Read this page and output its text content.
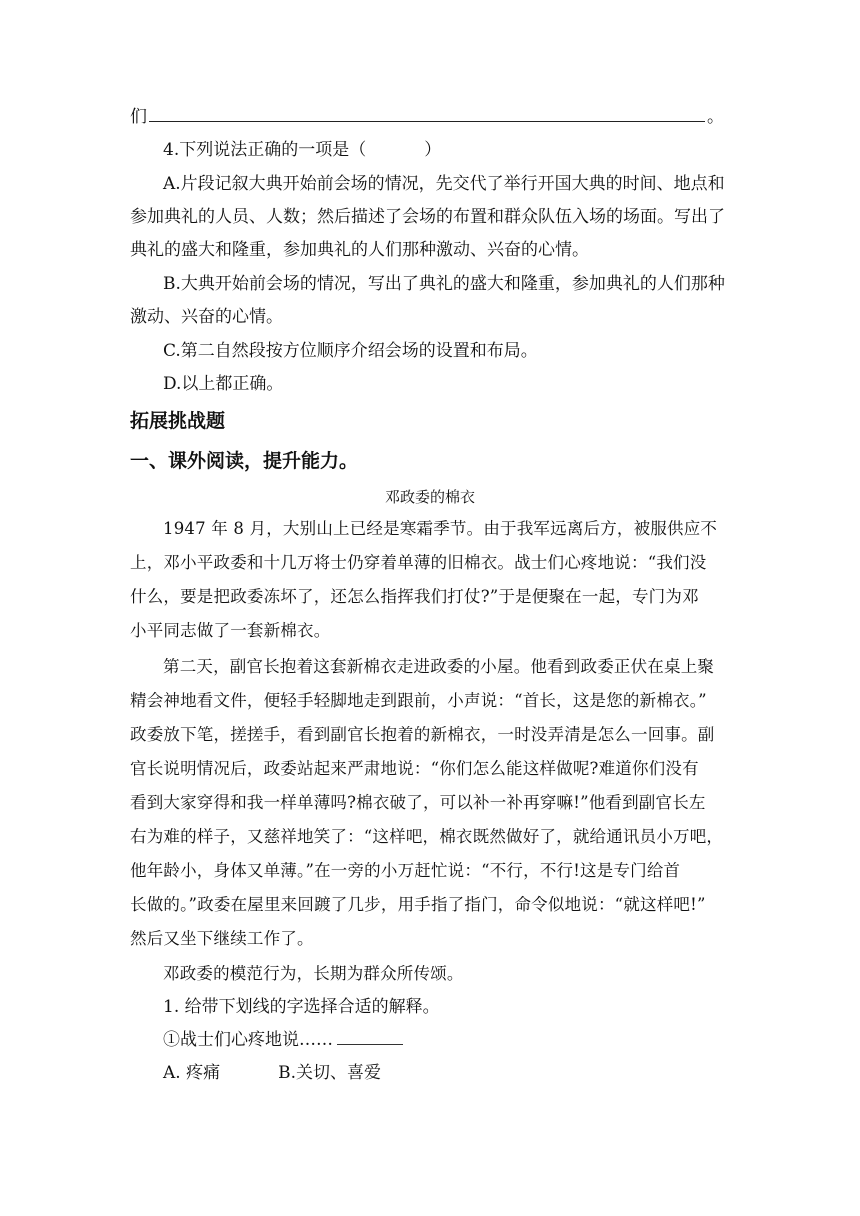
们	。
4.下列说法正确的一项是（	）
A.片段记叙大典开始前会场的情况，先交代了举行开国大典的时间、地点和
参加典礼的人员、人数；然后描述了会场的布置和群众队伍入场的场面。写出了
典礼的盛大和隆重，参加典礼的人们那种激动、兴奋的心情。
B.大典开始前会场的情况，写出了典礼的盛大和隆重，参加典礼的人们那种
激动、兴奋的心情。
C.第二自然段按方位顺序介绍会场的设置和布局。
D.以上都正确。
拓展挑战题
一、课外阅读，提升能力。
邓政委的棉衣
1947 年 8 月，大别山上已经是寒霜季节。由于我军远离后方，被服供应不
上，邓小平政委和十几万将士仍穿着单薄的旧棉衣。战士们心疼地说：“我们没
什么，要是把政委冻坏了，还怎么指挥我们打仗?”于是便聚在一起，专门为邓
小平同志做了一套新棉衣。
第二天，副官长抱着这套新棉衣走进政委的小屋。他看到政委正伏在桌上聚
精会神地看文件，便轻手轻脚地走到跟前，小声说：“首长，这是您的新棉衣。”
政委放下笔，搓搓手，看到副官长抱着的新棉衣，一时没弄清是怎么一回事。副
官长说明情况后，政委站起来严肃地说：“你们怎么能这样做呢?难道你们没有
看到大家穿得和我一样单薄吗?棉衣破了，可以补一补再穿嘛!”他看到副官长左
右为难的样子，又慈祥地笑了：“这样吧，棉衣既然做好了，就给通讯员小万吧，
他年龄小，身体又单薄。”在一旁的小万赶忙说：“不行，不行!这是专门给首
长做的。”政委在屋里来回踱了几步，用手指了指门，命令似地说：“就这样吧!”
然后又坐下继续工作了。
邓政委的模范行为，长期为群众所传颂。
1. 给带下划线的字选择合适的解释。
①战士们心疼地说……
A. 疼痛	B.关切、喜爱
